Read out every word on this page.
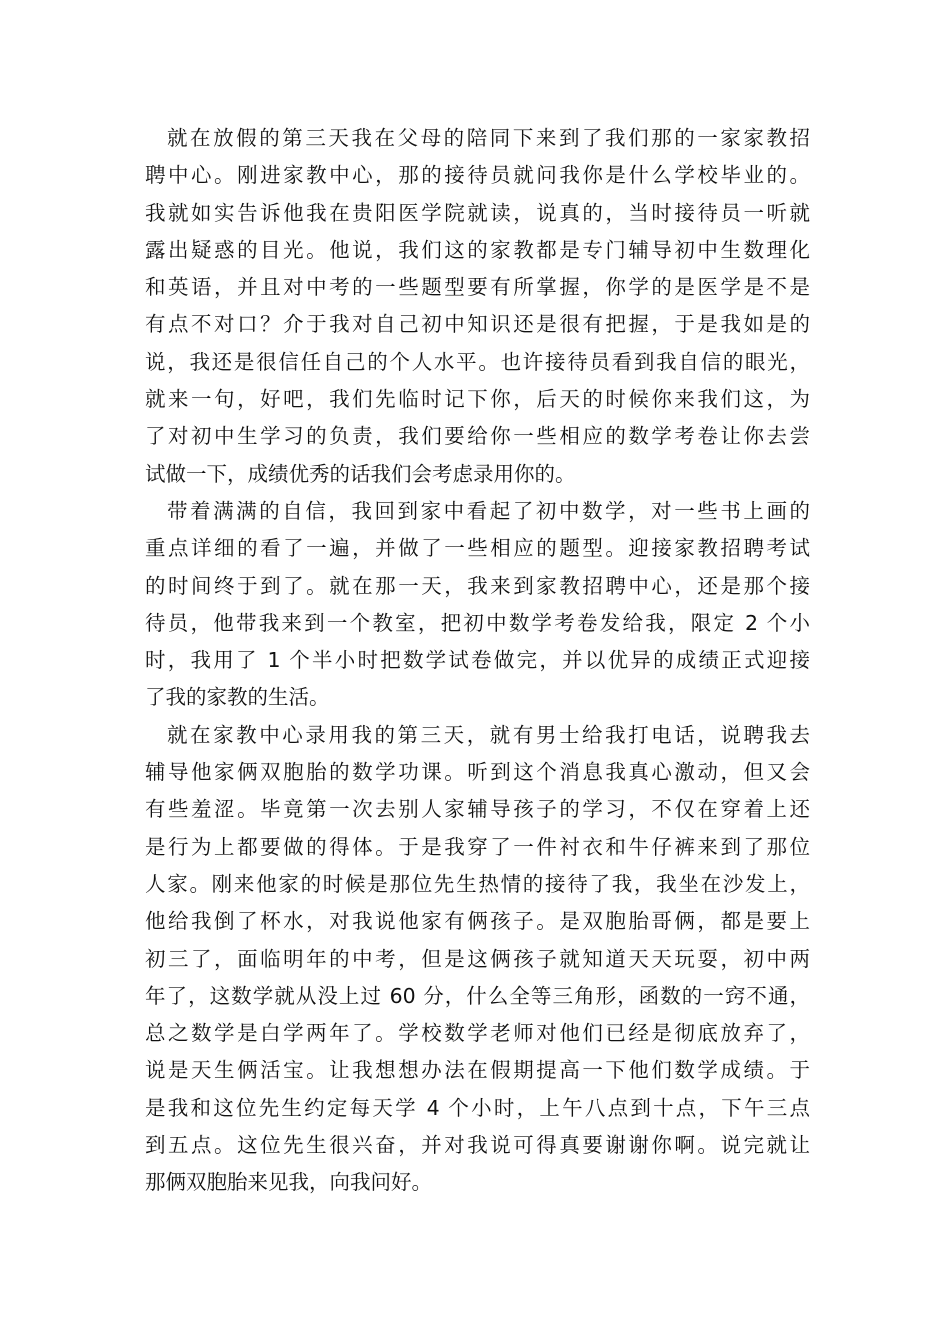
就在放假的第三天我在父母的陪同下来到了我们那的一家家教招
聘中心。刚进家教中心，那的接待员就问我你是什么学校毕业的。
我就如实告诉他我在贵阳医学院就读，说真的，当时接待员一听就
露出疑惑的目光。他说，我们这的家教都是专门辅导初中生数理化
和英语，并且对中考的一些题型要有所掌握，你学的是医学是不是
有点不对口？介于我对自己初中知识还是很有把握，于是我如是的
说，我还是很信任自己的个人水平。也许接待员看到我自信的眼光，
就来一句，好吧，我们先临时记下你，后天的时候你来我们这，为
了对初中生学习的负责，我们要给你一些相应的数学考卷让你去尝
试做一下，成绩优秀的话我们会考虑录用你的。
带着满满的自信，我回到家中看起了初中数学，对一些书上画的
重点详细的看了一遍，并做了一些相应的题型。迎接家教招聘考试
的时间终于到了。就在那一天，我来到家教招聘中心，还是那个接
待员，他带我来到一个教室，把初中数学考卷发给我，限定 2 个小
时，我用了 1 个半小时把数学试卷做完，并以优异的成绩正式迎接
了我的家教的生活。
就在家教中心录用我的第三天，就有男士给我打电话，说聘我去
辅导他家俩双胞胎的数学功课。听到这个消息我真心激动，但又会
有些羞涩。毕竟第一次去别人家辅导孩子的学习，不仅在穿着上还
是行为上都要做的得体。于是我穿了一件衬衣和牛仔裤来到了那位
人家。刚来他家的时候是那位先生热情的接待了我，我坐在沙发上，
他给我倒了杯水，对我说他家有俩孩子。是双胞胎哥俩，都是要上
初三了，面临明年的中考，但是这俩孩子就知道天天玩耍，初中两
年了，这数学就从没上过 60 分，什么全等三角形，函数的一窍不通，
总之数学是白学两年了。学校数学老师对他们已经是彻底放弃了，
说是天生俩活宝。让我想想办法在假期提高一下他们数学成绩。于
是我和这位先生约定每天学 4 个小时，上午八点到十点，下午三点
到五点。这位先生很兴奋，并对我说可得真要谢谢你啊。说完就让
那俩双胞胎来见我，向我问好。
